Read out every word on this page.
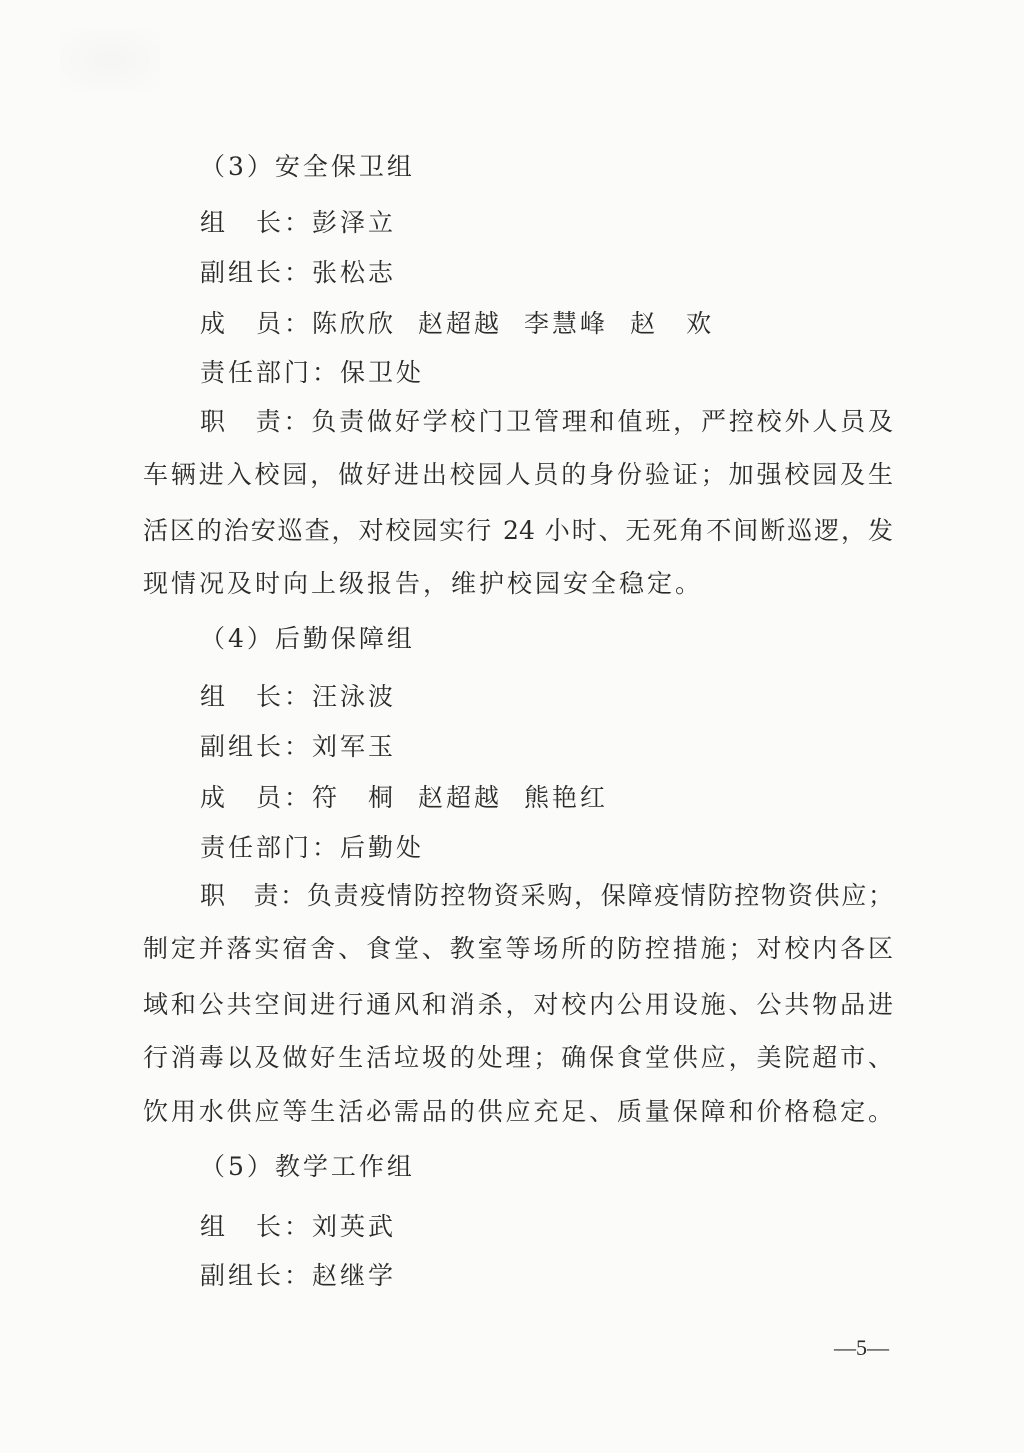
（3）安全保卫组
组　长：彭泽立
副组长：张松志
成　员：陈欣欣 赵超越 李慧峰 赵　欢
责任部门：保卫处
职　责：负责做好学校门卫管理和值班，严控校外人员及
车辆进入校园，做好进出校园人员的身份验证；加强校园及生
活区的治安巡查，对校园实行 24 小时、无死角不间断巡逻，发
现情况及时向上级报告，维护校园安全稳定。
（4）后勤保障组
组　长：汪泳波
副组长：刘军玉
成　员：符　桐 赵超越 熊艳红
责任部门：后勤处
职　责：负责疫情防控物资采购，保障疫情防控物资供应；
制定并落实宿舍、食堂、教室等场所的防控措施；对校内各区
域和公共空间进行通风和消杀，对校内公用设施、公共物品进
行消毒以及做好生活垃圾的处理；确保食堂供应，美院超市、
饮用水供应等生活必需品的供应充足、质量保障和价格稳定。
（5）教学工作组
组　长：刘英武
副组长：赵继学
—5—
